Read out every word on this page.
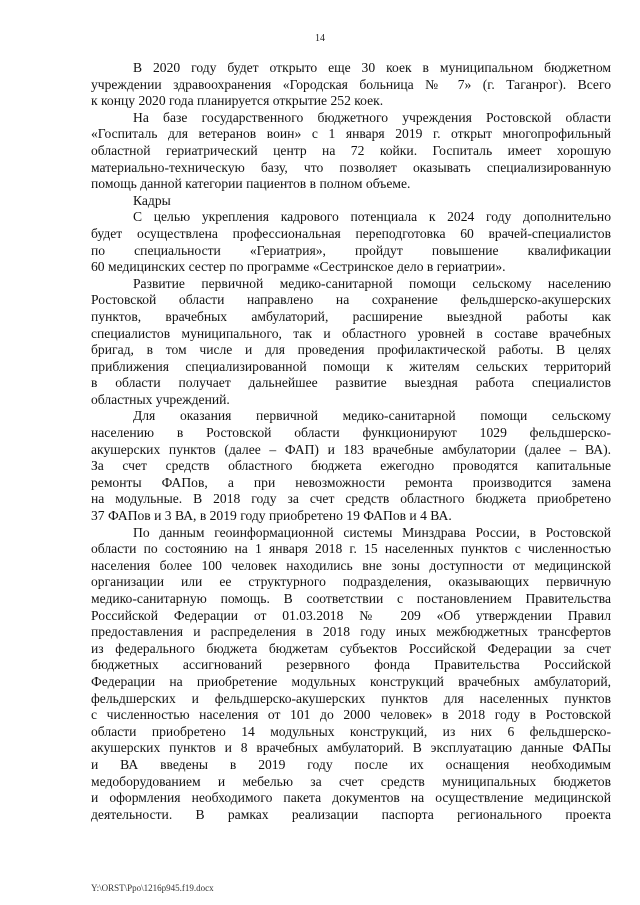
14
В 2020 году будет открыто еще 30 коек в муниципальном бюджетном
учреждении здравоохранения «Городская больница № 7» (г. Таганрог). Всего
к концу 2020 года планируется открытие 252 коек.
На базе государственного бюджетного учреждения Ростовской области
«Госпиталь для ветеранов воин» с 1 января 2019 г. открыт многопрофильный
областной гериатрический центр на 72 койки. Госпиталь имеет хорошую
материально-техническую базу, что позволяет оказывать специализированную
помощь данной категории пациентов в полном объеме.
Кадры
С целью укрепления кадрового потенциала к 2024 году дополнительно
будет осуществлена профессиональная переподготовка 60 врачей-специалистов
по специальности «Гериатрия», пройдут повышение квалификации
60 медицинских сестер по программе «Сестринское дело в гериатрии».
Развитие первичной медико-санитарной помощи сельскому населению
Ростовской области направлено на сохранение фельдшерско-акушерских
пунктов, врачебных амбулаторий, расширение выездной работы как
специалистов муниципального, так и областного уровней в составе врачебных
бригад, в том числе и для проведения профилактической работы. В целях
приближения специализированной помощи к жителям сельских территорий
в области получает дальнейшее развитие выездная работа специалистов
областных учреждений.
Для оказания первичной медико-санитарной помощи сельскому
населению в Ростовской области функционируют 1029 фельдшерско-
акушерских пунктов (далее – ФАП) и 183 врачебные амбулатории (далее – ВА).
За счет средств областного бюджета ежегодно проводятся капитальные
ремонты ФАПов, а при невозможности ремонта производится замена
на модульные. В 2018 году за счет средств областного бюджета приобретено
37 ФАПов и 3 ВА, в 2019 году приобретено 19 ФАПов и 4 ВА.
По данным геоинформационной системы Минздрава России, в Ростовской
области по состоянию на 1 января 2018 г. 15 населенных пунктов с численностью
населения более 100 человек находились вне зоны доступности от медицинской
организации или ее структурного подразделения, оказывающих первичную
медико-санитарную помощь. В соответствии с постановлением Правительства
Российской Федерации от 01.03.2018 № 209 «Об утверждении Правил
предоставления и распределения в 2018 году иных межбюджетных трансфертов
из федерального бюджета бюджетам субъектов Российской Федерации за счет
бюджетных ассигнований резервного фонда Правительства Российской
Федерации на приобретение модульных конструкций врачебных амбулаторий,
фельдшерских и фельдшерско-акушерских пунктов для населенных пунктов
с численностью населения от 101 до 2000 человек» в 2018 году в Ростовской
области приобретено 14 модульных конструкций, из них 6 фельдшерско-
акушерских пунктов и 8 врачебных амбулаторий. В эксплуатацию данные ФАПы
и ВА введены в 2019 году после их оснащения необходимым
медоборудованием и мебелью за счет средств муниципальных бюджетов
и оформления необходимого пакета документов на осуществление медицинской
деятельности. В рамках реализации паспорта регионального проекта
Y:\ORST\Ppo\1216p945.f19.docx
